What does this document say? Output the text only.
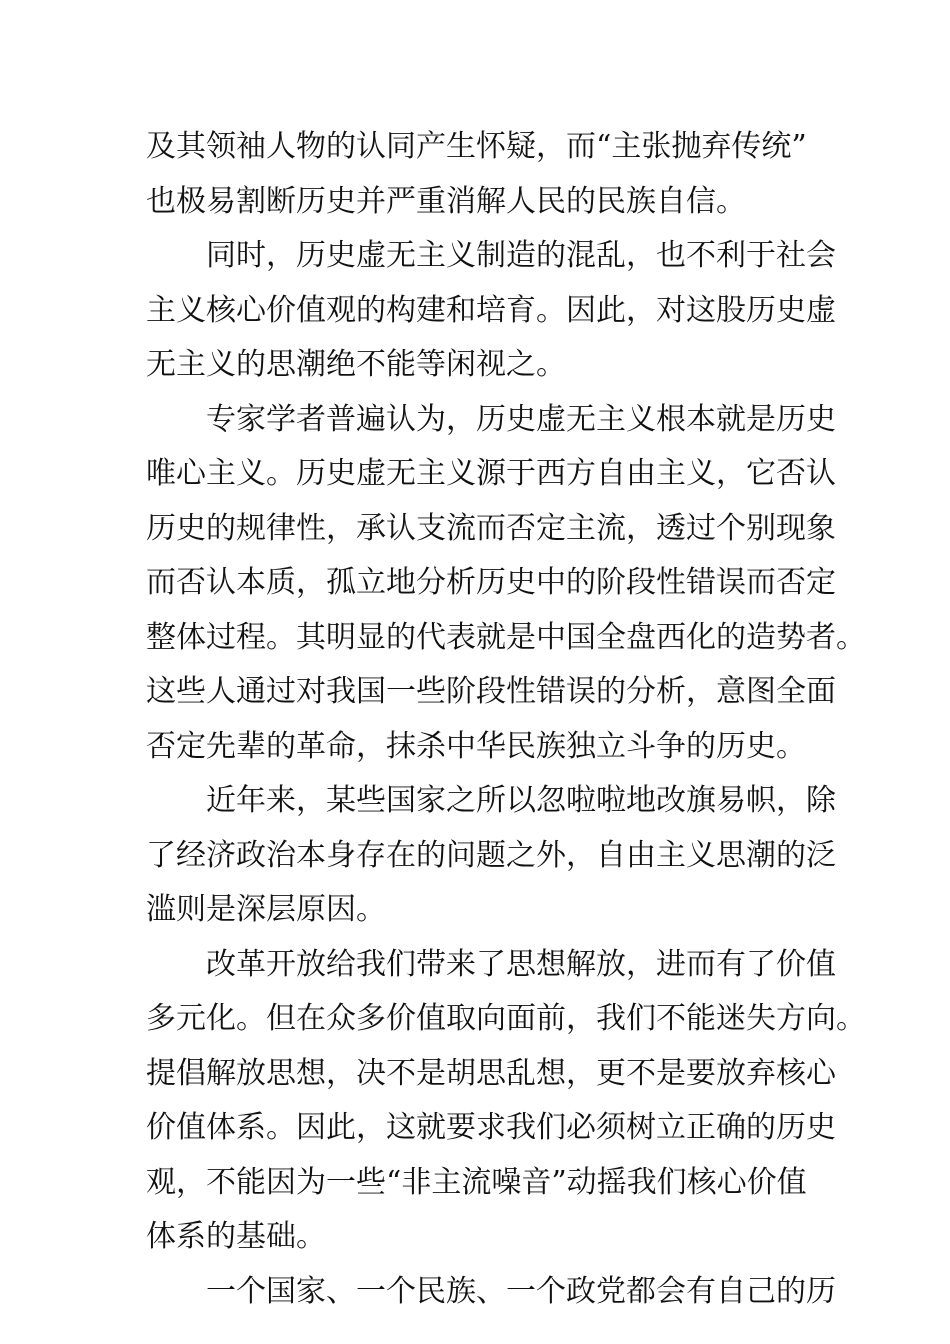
及其领袖人物的认同产生怀疑，而“主张抛弃传统”
也极易割断历史并严重消解人民的民族自信。
同时，历史虚无主义制造的混乱，也不利于社会
主义核心价值观的构建和培育。因此，对这股历史虚
无主义的思潮绝不能等闲视之。
专家学者普遍认为，历史虚无主义根本就是历史
唯心主义。历史虚无主义源于西方自由主义，它否认
历史的规律性，承认支流而否定主流，透过个别现象
而否认本质，孤立地分析历史中的阶段性错误而否定
整体过程。其明显的代表就是中国全盘西化的造势者。
这些人通过对我国一些阶段性错误的分析，意图全面
否定先辈的革命，抹杀中华民族独立斗争的历史。
近年来，某些国家之所以忽啦啦地改旗易帜，除
了经济政治本身存在的问题之外，自由主义思潮的泛
滥则是深层原因。
改革开放给我们带来了思想解放，进而有了价值
多元化。但在众多价值取向面前，我们不能迷失方向。
提倡解放思想，决不是胡思乱想，更不是要放弃核心
价值体系。因此，这就要求我们必须树立正确的历史
观，不能因为一些“非主流噪音”动摇我们核心价值
体系的基础。
一个国家、一个民族、一个政党都会有自己的历
